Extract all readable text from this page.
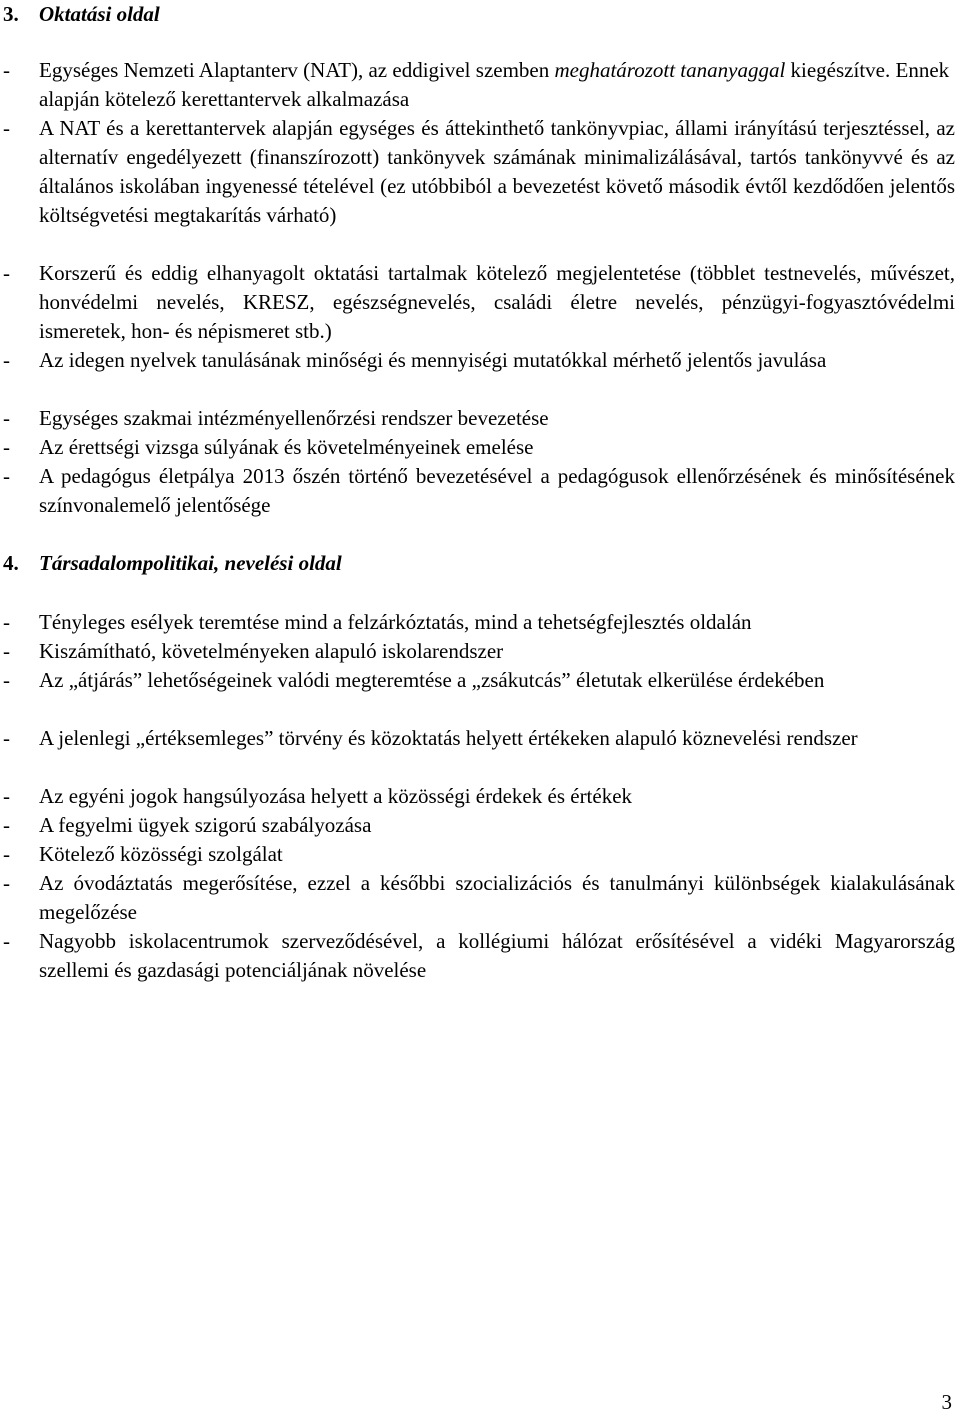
3. Oktatási oldal
-	Egységes Nemzeti Alaptanterv (NAT), az eddigivel szemben meghatározott tananyaggal kiegészítve. Ennek alapján kötelező kerettantervek alkalmazása
-	A NAT és a kerettantervek alapján egységes és áttekinthető tankönyvpiac, állami irányítású terjesztéssel, az alternatív engedélyezett (finanszírozott) tankönyvek számának minimalizálásával, tartós tankönyvvé és az általános iskolában ingyenessé tételével (ez utóbbiból a bevezetést követő második évtől kezdődően jelentős költségvetési megtakarítás várható)
-	Korszerű és eddig elhanyagolt oktatási tartalmak kötelező megjelentetése (többlet testnevelés, művészet, honvédelmi nevelés, KRESZ, egészségnevelés, családi életre nevelés, pénzügyi-fogyasztóvédelmi ismeretek, hon- és népismeret stb.)
-	Az idegen nyelvek tanulásának minőségi és mennyiségi mutatókkal mérhető jelentős javulása
-	Egységes szakmai intézményellenőrzési rendszer bevezetése
-	Az érettségi vizsga súlyának és követelményeinek emelése
-	A pedagógus életpálya 2013 őszén történő bevezetésével a pedagógusok ellenőrzésének és minősítésének színvonalemelő jelentősége
4. Társadalompolitikai, nevelési oldal
-	Tényleges esélyek teremtése mind a felzárkóztatás, mind a tehetségfejlesztés oldalán
-	Kiszámítható, követelményeken alapuló iskolarendszer
-	Az „átjárás” lehetőségeinek valódi megteremtése a „zsákutcás” életutak elkerülése érdekében
-	A jelenlegi „értéksemleges” törvény és közoktatás helyett értékeken alapuló köznevelési rendszer
-	Az egyéni jogok hangsúlyozása helyett a közösségi érdekek és értékek
-	A fegyelmi ügyek szigorú szabályozása
-	Kötelező közösségi szolgálat
-	Az óvodáztatás megerősítése, ezzel a későbbi szocializációs és tanulmányi különbségek kialakulásának megelőzése
-	Nagyobb iskolacentrumok szerveződésével, a kollégiumi hálózat erősítésével a vidéki Magyarország szellemi és gazdasági potenciáljának növelése
3
